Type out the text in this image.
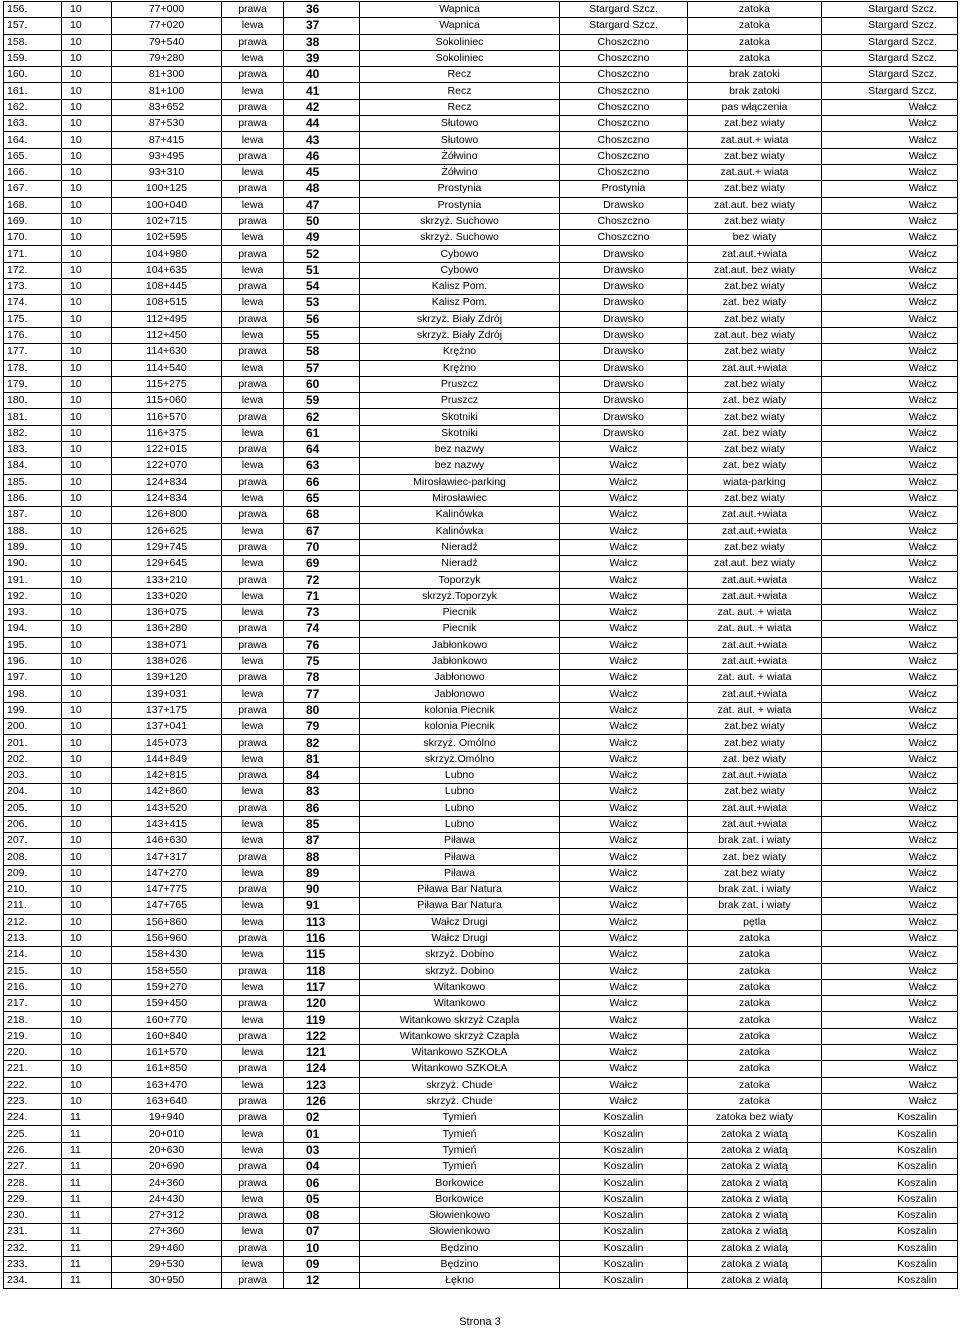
156.	10	77+000	prawa	36	Wapnica	Stargard Szcz.	zatoka	Stargard Szcz.
157.	10	77+020	lewa	37	Wapnica	Stargard Szcz.	zatoka	Stargard Szcz.
158.	10	79+540	prawa	38	Sokoliniec	Choszczno	zatoka	Stargard Szcz.
159.	10	79+280	lewa	39	Sokoliniec	Choszczno	zatoka	Stargard Szcz.
160.	10	81+300	prawa	40	Recz	Choszczno	brak zatoki	Stargard Szcz.
161.	10	81+100	lewa	41	Recz	Choszczno	brak zatoki	Stargard Szcz.
162.	10	83+652	prawa	42	Recz	Choszczno	pas włączenia	Wałcz
163.	10	87+530	prawa	44	Słutowo	Choszczno	zat.bez wiaty	Wałcz
164.	10	87+415	lewa	43	Słutowo	Choszczno	zat.aut.+ wiata	Wałcz
165.	10	93+495	prawa	46	Żółwino	Choszczno	zat.bez wiaty	Wałcz
166.	10	93+310	lewa	45	Żółwino	Choszczno	zat.aut.+ wiata	Wałcz
167.	10	100+125	prawa	48	Prostynia	Prostynia	zat.bez wiaty	Wałcz
168.	10	100+040	lewa	47	Prostynia	Drawsko	zat.aut. bez wiaty	Wałcz
169.	10	102+715	prawa	50	skrzyż. Suchowo	Choszczno	zat.bez wiaty	Wałcz
170.	10	102+595	lewa	49	skrzyż. Suchowo	Choszczno	bez wiaty	Wałcz
171.	10	104+980	prawa	52	Cybowo	Drawsko	zat.aut.+wiata	Wałcz
172.	10	104+635	lewa	51	Cybowo	Drawsko	zat.aut. bez wiaty	Wałcz
173.	10	108+445	prawa	54	Kalisz Pom.	Drawsko	zat.bez wiaty	Wałcz
174.	10	108+515	lewa	53	Kalisz Pom.	Drawsko	zat. bez wiaty	Wałcz
175.	10	112+495	prawa	56	skrzyż. Biały Zdrój	Drawsko	zat.bez wiaty	Wałcz
176.	10	112+450	lewa	55	skrzyż. Biały Zdrój	Drawsko	zat.aut. bez wiaty	Wałcz
177.	10	114+630	prawa	58	Krężno	Drawsko	zat.bez wiaty	Wałcz
178.	10	114+540	lewa	57	Krężno	Drawsko	zat.aut.+wiata	Wałcz
179.	10	115+275	prawa	60	Pruszcz	Drawsko	zat.bez wiaty	Wałcz
180.	10	115+060	lewa	59	Pruszcz	Drawsko	zat. bez wiaty	Wałcz
181.	10	116+570	prawa	62	Skotniki	Drawsko	zat.bez wiaty	Wałcz
182.	10	116+375	lewa	61	Skotniki	Drawsko	zat. bez wiaty	Wałcz
183.	10	122+015	prawa	64	bez nazwy	Wałcz	zat.bez wiaty	Wałcz
184.	10	122+070	lewa	63	bez nazwy	Wałcz	zat. bez wiaty	Wałcz
185.	10	124+834	prawa	66	Mirosławiec-parking	Wałcz	wiata-parking	Wałcz
186.	10	124+834	lewa	65	Mirosławiec	Wałcz	zat.bez wiaty	Wałcz
187.	10	126+800	prawa	68	Kalinówka	Wałcz	zat.aut.+wiata	Wałcz
188.	10	126+625	lewa	67	Kalinówka	Wałcz	zat.aut.+wiata	Wałcz
189.	10	129+745	prawa	70	Nieradź	Wałcz	zat.bez wiaty	Wałcz
190.	10	129+645	lewa	69	Nieradź	Wałcz	zat.aut. bez wiaty	Wałcz
191.	10	133+210	prawa	72	Toporzyk	Wałcz	zat.aut.+wiata	Wałcz
192.	10	133+020	lewa	71	skrzyż.Toporzyk	Wałcz	zat.aut.+wiata	Wałcz
193.	10	136+075	lewa	73	Piecnik	Wałcz	zat. aut. + wiata	Wałcz
194.	10	136+280	prawa	74	Piecnik	Wałcz	zat. aut. + wiata	Wałcz
195.	10	138+071	prawa	76	Jabłonkowo	Wałcz	zat.aut.+wiata	Wałcz
196.	10	138+026	lewa	75	Jabłonkowo	Wałcz	zat.aut.+wiata	Wałcz
197.	10	139+120	prawa	78	Jabłonowo	Wałcz	zat. aut. + wiata	Wałcz
198.	10	139+031	lewa	77	Jabłonowo	Wałcz	zat.aut.+wiata	Wałcz
199.	10	137+175	prawa	80	kolonia Piecnik	Wałcz	zat. aut. + wiata	Wałcz
200.	10	137+041	lewa	79	kolonia Piecnik	Wałcz	zat.bez wiaty	Wałcz
201.	10	145+073	prawa	82	skrzyż. Omólno	Wałcz	zat.bez wiaty	Wałcz
202.	10	144+849	lewa	81	skrzyż.Omólno	Wałcz	zat. bez wiaty	Wałcz
203.	10	142+815	prawa	84	Lubno	Wałcz	zat.aut.+wiata	Wałcz
204.	10	142+860	lewa	83	Lubno	Wałcz	zat.bez wiaty	Wałcz
205.	10	143+520	prawa	86	Lubno	Wałcz	zat.aut.+wiata	Wałcz
206.	10	143+415	lewa	85	Lubno	Wałcz	zat.aut.+wiata	Wałcz
207.	10	146+630	lewa	87	Piława	Wałcz	brak zat. i wiaty	Wałcz
208.	10	147+317	prawa	88	Piława	Wałcz	zat. bez wiaty	Wałcz
209.	10	147+270	lewa	89	Piława	Wałcz	zat.bez wiaty	Wałcz
210.	10	147+775	prawa	90	Piława Bar Natura	Wałcz	brak zat. i wiaty	Wałcz
211.	10	147+765	lewa	91	Piława Bar Natura	Wałcz	brak zat. i wiaty	Wałcz
212.	10	156+860	lewa	113	Wałcz Drugi	Wałcz	pętla	Wałcz
213.	10	156+960	prawa	116	Wałcz Drugi	Wałcz	zatoka	Wałcz
214.	10	158+430	lewa	115	skrzyż. Dobino	Wałcz	zatoka	Wałcz
215.	10	158+550	prawa	118	skrzyż. Dobino	Wałcz	zatoka	Wałcz
216.	10	159+270	lewa	117	Witankowo	Wałcz	zatoka	Wałcz
217.	10	159+450	prawa	120	Witankowo	Wałcz	zatoka	Wałcz
218.	10	160+770	lewa	119	Witankowo skrzyż Czapla	Wałcz	zatoka	Wałcz
219.	10	160+840	prawa	122	Witankowo skrzyż Czapla	Wałcz	zatoka	Wałcz
220.	10	161+570	lewa	121	Witankowo SZKOŁA	Wałcz	zatoka	Wałcz
221.	10	161+850	prawa	124	Witankowo SZKOŁA	Wałcz	zatoka	Wałcz
222.	10	163+470	lewa	123	skrzyż. Chude	Wałcz	zatoka	Wałcz
223.	10	163+640	prawa	126	skrzyż. Chude	Wałcz	zatoka	Wałcz
224.	11	19+940	prawa	02	Tymień	Koszalin	zatoka bez wiaty	Koszalin
225.	11	20+010	lewa	01	Tymień	Koszalin	zatoka z wiatą	Koszalin
226.	11	20+630	lewa	03	Tymień	Koszalin	zatoka z wiatą	Koszalin
227.	11	20+690	prawa	04	Tymień	Koszalin	zatoka z wiatą	Koszalin
228.	11	24+360	prawa	06	Borkowice	Koszalin	zatoka z wiatą	Koszalin
229.	11	24+430	lewa	05	Borkowice	Koszalin	zatoka z wiatą	Koszalin
230.	11	27+312	prawa	08	Słowienkowo	Koszalin	zatoka z wiatą	Koszalin
231.	11	27+360	lewa	07	Słowienkowo	Koszalin	zatoka z wiatą	Koszalin
232.	11	29+460	prawa	10	Będzino	Koszalin	zatoka z wiatą	Koszalin
233.	11	29+530	lewa	09	Będzino	Koszalin	zatoka z wiatą	Koszalin
234.	11	30+950	prawa	12	Łękno	Koszalin	zatoka z wiatą	Koszalin
Strona 3
